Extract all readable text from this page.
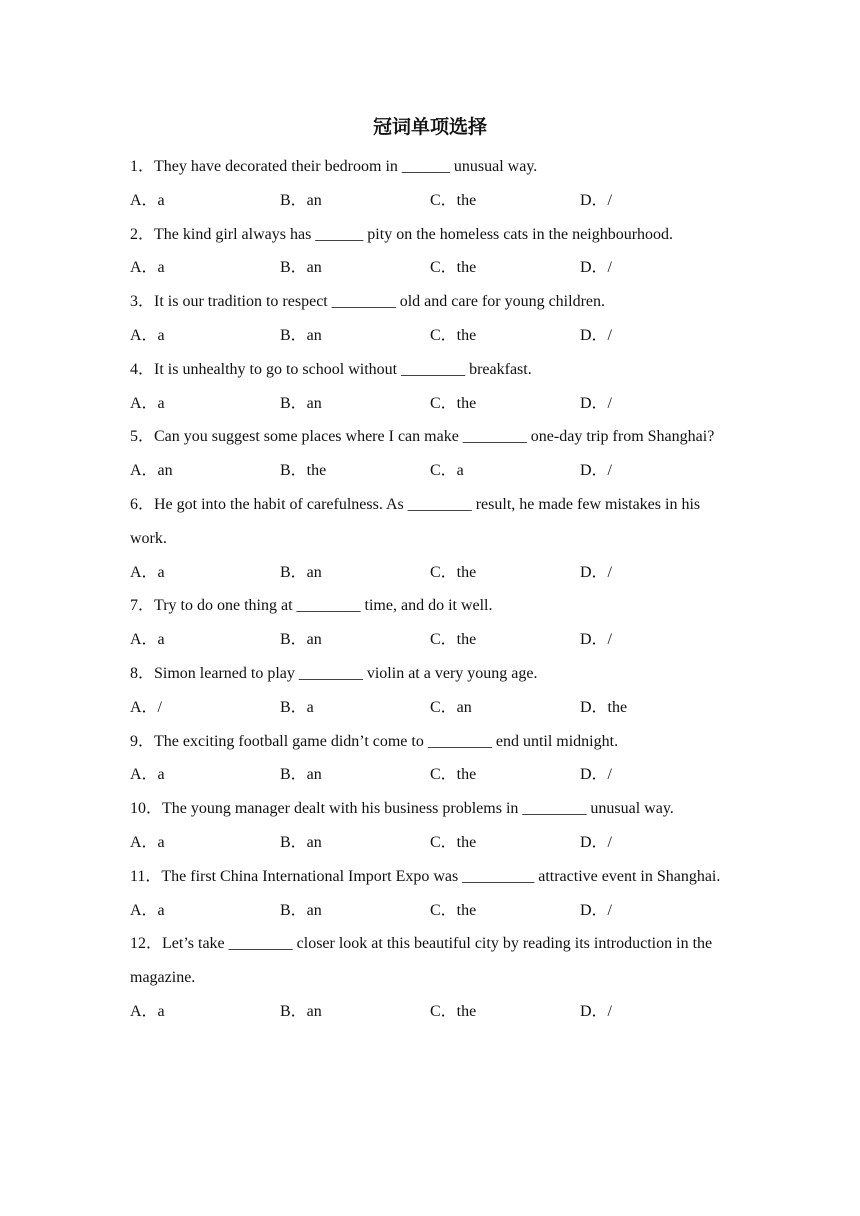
冠词单项选择

1．They have decorated their bedroom in ______ unusual way.

A．a	B．an	C．the	D．/

2．The kind girl always has ______ pity on the homeless cats in the neighbourhood.

A．a	B．an	C．the	D．/

3．It is our tradition to respect ________ old and care for young children.

A．a	B．an	C．the	D．/

4．It is unhealthy to go to school without ________ breakfast.

A．a	B．an	C．the	D．/

5．Can you suggest some places where I can make ________ one-day trip from Shanghai?

A．an	B．the	C．a	D．/

6．He got into the habit of carefulness. As ________ result, he made few mistakes in his work.

A．a	B．an	C．the	D．/

7．Try to do one thing at ________ time, and do it well.

A．a	B．an	C．the	D．/

8．Simon learned to play ________ violin at a very young age.

A．/	B．a	C．an	D．the

9．The exciting football game didn’t come to ________ end until midnight.

A．a	B．an	C．the	D．/

10．The young manager dealt with his business problems in ________ unusual way.

A．a	B．an	C．the	D．/

11．The first China International Import Expo was _________ attractive event in Shanghai.

A．a	B．an	C．the	D．/

12．Let’s take ________ closer look at this beautiful city by reading its introduction in the magazine.

A．a	B．an	C．the	D．/
